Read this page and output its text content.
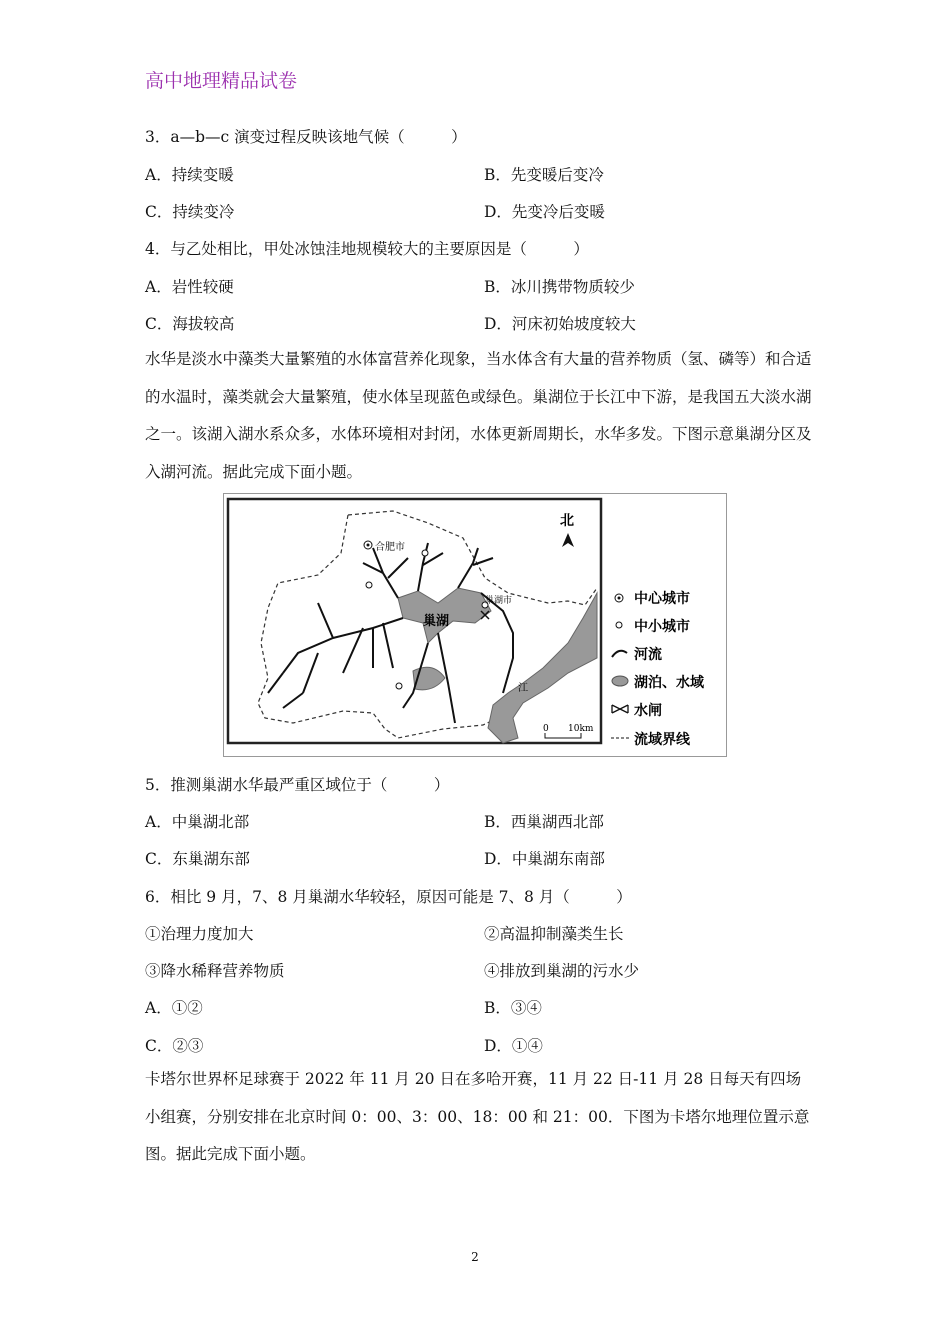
高中地理精品试卷
3．a—b—c 演变过程反映该地气候（　　　）
A．持续变暖	B．先变暖后变冷
C．持续变冷	D．先变冷后变暖
4．与乙处相比，甲处冰蚀洼地规模较大的主要原因是（　　　）
A．岩性较硬	B．冰川携带物质较少
C．海拔较高	D．河床初始坡度较大
水华是淡水中藻类大量繁殖的水体富营养化现象，当水体含有大量的营养物质（氢、磷等）和合适的水温时，藻类就会大量繁殖，使水体呈现蓝色或绿色。巢湖位于长江中下游，是我国五大淡水湖之一。该湖入湖水系众多，水体环境相对封闭，水体更新周期长，水华多发。下图示意巢湖分区及入湖河流。据此完成下面小题。
合肥市
巢湖市
巢湖
江
北
0 10km
中心城市
中小城市
河流
湖泊、水域
水闸
流域界线
5．推测巢湖水华最严重区域位于（　　　）
A．中巢湖北部	B．西巢湖西北部
C．东巢湖东部	D．中巢湖东南部
6．相比 9 月，7、8 月巢湖水华较轻，原因可能是 7、8 月（　　　）
①治理力度加大	②高温抑制藻类生长
③降水稀释营养物质	④排放到巢湖的污水少
A．①②	B．③④
C．②③	D．①④
卡塔尔世界杯足球赛于 2022 年 11 月 20 日在多哈开赛，11 月 22 日-11 月 28 日每天有四场小组赛，分别安排在北京时间 0：00、3：00、18：00 和 21：00．下图为卡塔尔地理位置示意图。据此完成下面小题。
2
